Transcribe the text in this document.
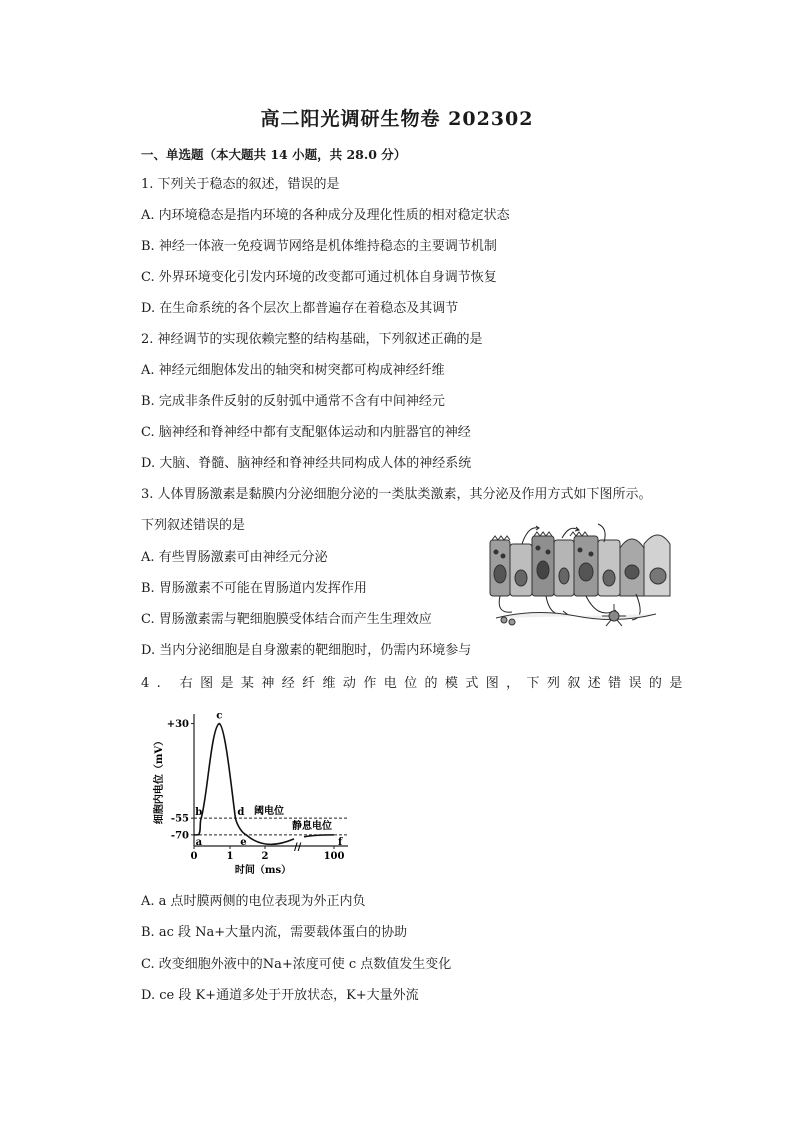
高二阳光调研生物卷 202302
一、单选题（本大题共 14 小题，共 28.0 分）
1. 下列关于稳态的叙述，错误的是
A. 内环境稳态是指内环境的各种成分及理化性质的相对稳定状态
B. 神经一体液一免疫调节网络是机体维持稳态的主要调节机制
C. 外界环境变化引发内环境的改变都可通过机体自身调节恢复
D. 在生命系统的各个层次上都普遍存在着稳态及其调节
2. 神经调节的实现依赖完整的结构基础，下列叙述正确的是
A. 神经元细胞体发出的轴突和树突都可构成神经纤维
B. 完成非条件反射的反射弧中通常不含有中间神经元
C. 脑神经和脊神经中都有支配躯体运动和内脏器官的神经
D. 大脑、脊髓、脑神经和脊神经共同构成人体的神经系统
3. 人体胃肠激素是黏膜内分泌细胞分泌的一类肽类激素，其分泌及作用方式如下图所示。
下列叙述错误的是
A. 有些胃肠激素可由神经元分泌
B. 胃肠激素不可能在胃肠道内发挥作用
C. 胃肠激素需与靶细胞膜受体结合而产生生理效应
D. 当内分泌细胞是自身激素的靶细胞时，仍需内环境参与
4. 右图是某神经纤维动作电位的模式图，下列叙述错误的是
+30
-55
-70
0	1	2	100
//
时间（ms）
细胞内电位（mV）	阈电位
静息电位
a
b
c
d
e	f
A. a 点时膜两侧的电位表现为外正内负
B. ac 段 Na+大量内流，需要载体蛋白的协助
C. 改变细胞外液中的Na+浓度可使 c 点数值发生变化
D. ce 段 K+通道多处于开放状态，K+大量外流
